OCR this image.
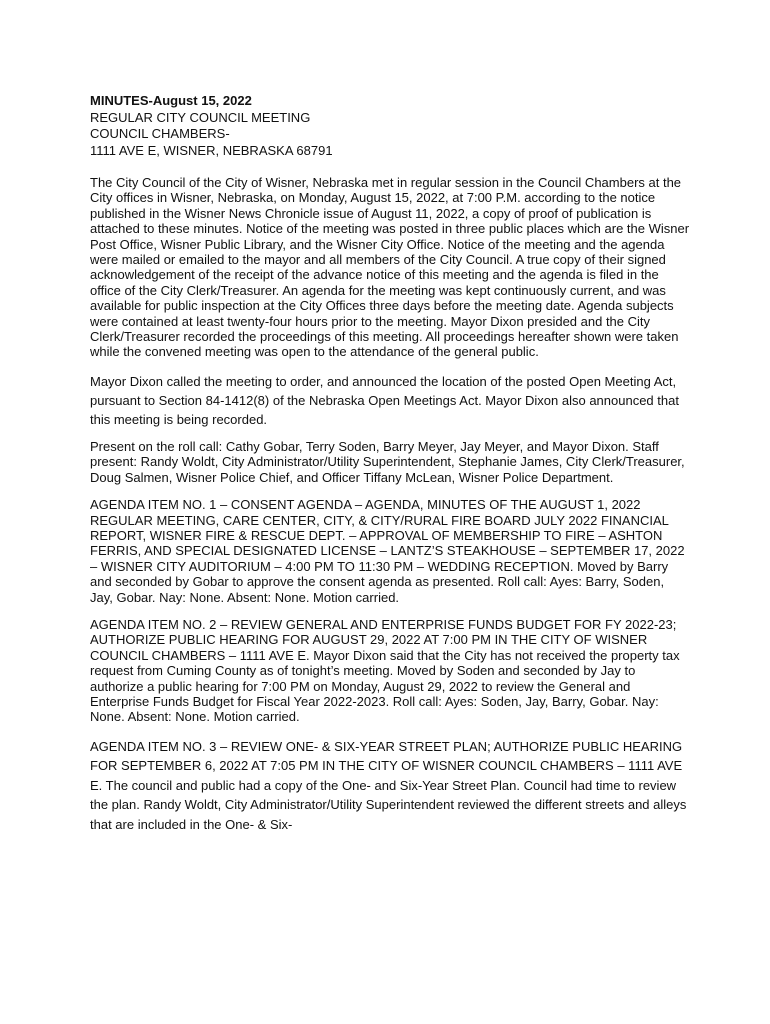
MINUTES-August 15, 2022

REGULAR CITY COUNCIL MEETING

COUNCIL CHAMBERS-

1111 AVE E, WISNER, NEBRASKA 68791

The City Council of the City of Wisner, Nebraska met in regular session in the Council Chambers at the City offices in Wisner, Nebraska, on Monday, August 15, 2022, at 7:00 P.M. according to the notice published in the Wisner News Chronicle issue of August 11, 2022, a copy of proof of publication is attached to these minutes. Notice of the meeting was posted in three public places which are the Wisner Post Office, Wisner Public Library, and the Wisner City Office. Notice of the meeting and the agenda were mailed or emailed to the mayor and all members of the City Council. A true copy of their signed acknowledgement of the receipt of the advance notice of this meeting and the agenda is filed in the office of the City Clerk/Treasurer. An agenda for the meeting was kept continuously current, and was available for public inspection at the City Offices three days before the meeting date. Agenda subjects were contained at least twenty-four hours prior to the meeting. Mayor Dixon presided and the City Clerk/Treasurer recorded the proceedings of this meeting. All proceedings hereafter shown were taken while the convened meeting was open to the attendance of the general public.

Mayor Dixon called the meeting to order, and announced the location of the posted Open Meeting Act, pursuant to Section 84-1412(8) of the Nebraska Open Meetings Act. Mayor Dixon also announced that this meeting is being recorded.

Present on the roll call: Cathy Gobar, Terry Soden, Barry Meyer, Jay Meyer, and Mayor Dixon. Staff present: Randy Woldt, City Administrator/Utility Superintendent, Stephanie James, City Clerk/Treasurer, Doug Salmen, Wisner Police Chief, and Officer Tiffany McLean, Wisner Police Department.

AGENDA ITEM NO. 1 – CONSENT AGENDA – AGENDA, MINUTES OF THE AUGUST 1, 2022 REGULAR MEETING, CARE CENTER, CITY, & CITY/RURAL FIRE BOARD JULY 2022 FINANCIAL REPORT, WISNER FIRE & RESCUE DEPT. – APPROVAL OF MEMBERSHIP TO FIRE – ASHTON FERRIS, AND SPECIAL DESIGNATED LICENSE – LANTZ’S STEAKHOUSE – SEPTEMBER 17, 2022 – WISNER CITY AUDITORIUM – 4:00 PM TO 11:30 PM – WEDDING RECEPTION. Moved by Barry and seconded by Gobar to approve the consent agenda as presented. Roll call: Ayes: Barry, Soden, Jay, Gobar. Nay: None. Absent: None. Motion carried.

AGENDA ITEM NO. 2 – REVIEW GENERAL AND ENTERPRISE FUNDS BUDGET FOR FY 2022-23; AUTHORIZE PUBLIC HEARING FOR AUGUST 29, 2022 AT 7:00 PM IN THE CITY OF WISNER COUNCIL CHAMBERS – 1111 AVE E. Mayor Dixon said that the City has not received the property tax request from Cuming County as of tonight’s meeting. Moved by Soden and seconded by Jay to authorize a public hearing for 7:00 PM on Monday, August 29, 2022 to review the General and Enterprise Funds Budget for Fiscal Year 2022-2023. Roll call: Ayes: Soden, Jay, Barry, Gobar. Nay: None. Absent: None. Motion carried.

AGENDA ITEM NO. 3 – REVIEW ONE- & SIX-YEAR STREET PLAN; AUTHORIZE PUBLIC HEARING FOR SEPTEMBER 6, 2022 AT 7:05 PM IN THE CITY OF WISNER COUNCIL CHAMBERS – 1111 AVE E. The council and public had a copy of the One- and Six-Year Street Plan. Council had time to review the plan. Randy Woldt, City Administrator/Utility Superintendent reviewed the different streets and alleys that are included in the One- & Six-
